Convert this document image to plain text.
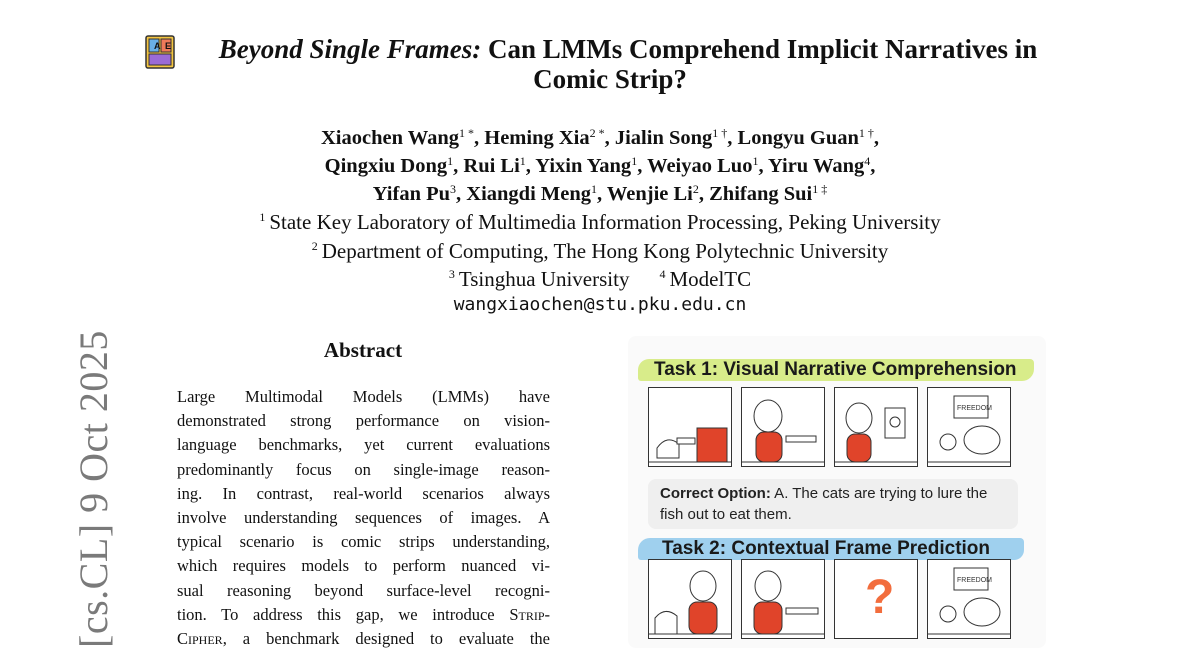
[cs.CL] 9 Oct 2025
A E	Beyond Single Frames: Can LMMs Comprehend Implicit Narratives in
Comic Strip?
Xiaochen Wang$^{1 *}$, Heming Xia$^{2 *}$, Jialin Song$^{1 \dagger}$, Longyu Guan$^{1 \dagger}$,
Qingxiu Dong$^1$, Rui Li$^1$, Yixin Yang$^1$, Weiyao Luo$^1$, Yiru Wang$^4$,
Yifan Pu$^3$, Xiangdi Meng$^1$, Wenjie Li$^2$, Zhifang Sui$^{1 \ddagger}$
$^1$ State Key Laboratory of Multimedia Information Processing, Peking University
$^2$ Department of Computing, The Hong Kong Polytechnic University
$^3$ Tsinghua University	$^4$ ModelTC
wangxiaochen@stu.pku.edu.cn
Abstract
Large Multimodal Models (LMMs) have
demonstrated strong performance on vision-
language benchmarks, yet current evaluations
predominantly focus on single-image reason-
ing. In contrast, real-world scenarios always
involve understanding sequences of images. A
typical scenario is comic strips understanding,
which requires models to perform nuanced vi-
sual reasoning beyond surface-level recogni-
tion. To address this gap, we introduce Strip-
Cipher, a benchmark designed to evaluate the
Task 1: Visual Narrative Comprehension
FREEDOM
Correct Option: A. The cats are trying to lure the fish out to eat them.
Task 2: Contextual Frame Prediction
?	FREEDOM
